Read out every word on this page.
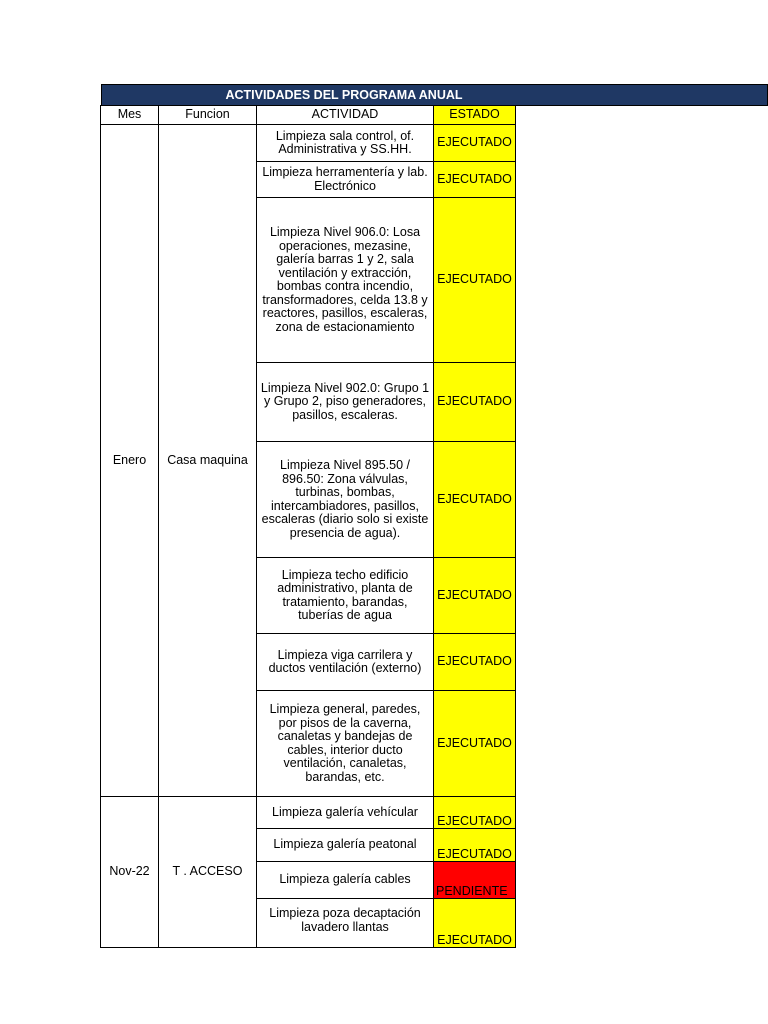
ACTIVIDADES DEL PROGRAMA ANUAL
Mes	Funcion	ACTIVIDAD	ESTADO
Enero	Casa maquina	Limpieza sala control, of. Administrativa y SS.HH.	EJECUTADO

		Limpieza herramentería y lab. Electrónico	EJECUTADO

		Limpieza Nivel 906.0: Losa operaciones, mezasine, galería barras 1 y 2, sala ventilación y extracción, bombas contra incendio, transformadores, celda 13.8 y reactores, pasillos, escaleras, zona de estacionamiento	EJECUTADO

		Limpieza Nivel 902.0: Grupo 1 y Grupo 2, piso generadores, pasillos, escaleras.	EJECUTADO

		Limpieza Nivel 895.50 / 896.50: Zona válvulas, turbinas, bombas, intercambiadores, pasillos, escaleras (diario solo si existe presencia de agua).	EJECUTADO

		Limpieza techo edificio administrativo, planta de tratamiento, barandas, tuberías de agua	EJECUTADO

		Limpieza viga carrilera y ductos ventilación (externo)	EJECUTADO

		Limpieza general, paredes, por pisos de la caverna, canaletas y bandejas de cables, interior ducto ventilación, canaletas, barandas, etc.	EJECUTADO

Nov-22	T . ACCESO	Limpieza galería vehícular	EJECUTADO

		Limpieza galería peatonal	EJECUTADO

		Limpieza galería cables	PENDIENTE

		Limpieza poza decaptación lavadero llantas	EJECUTADO
